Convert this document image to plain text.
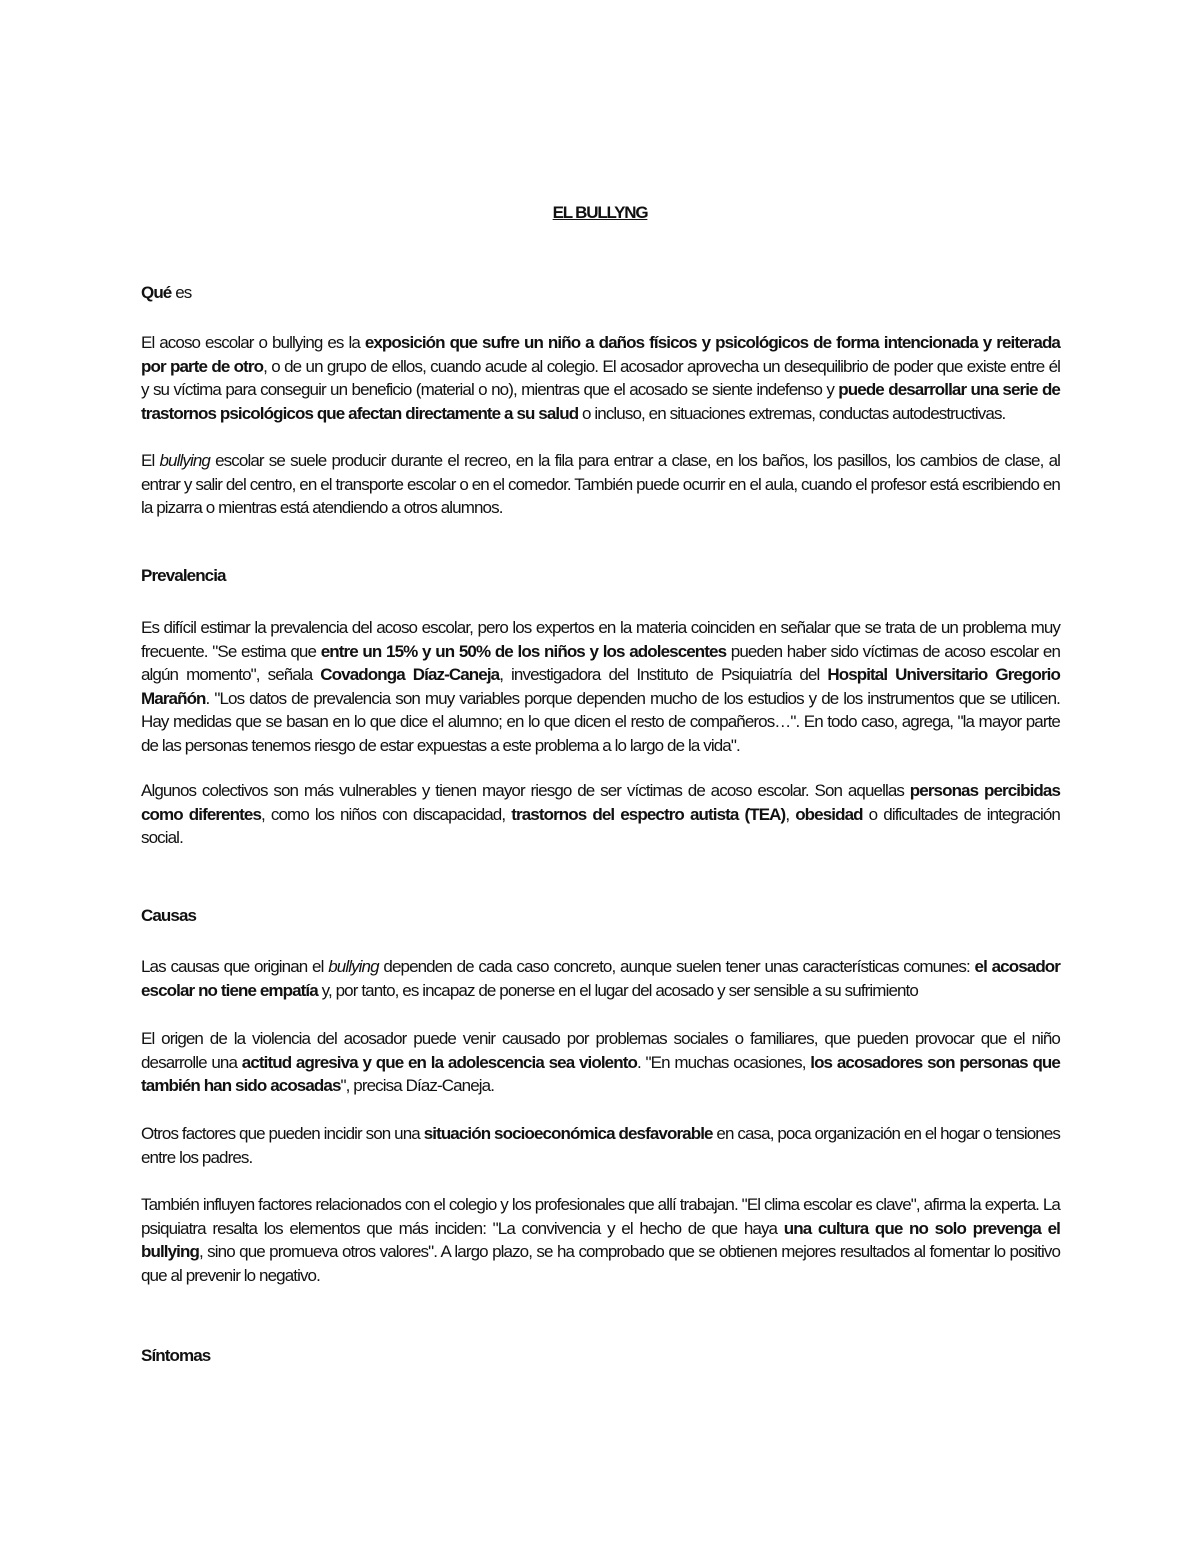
EL BULLYNG

Qué es
El acoso escolar o bullying es la exposición que sufre un niño a daños físicos y psicológicos de forma intencionada y reiterada por parte de otro, o de un grupo de ellos, cuando acude al colegio. El acosador aprovecha un desequilibrio de poder que existe entre él y su víctima para conseguir un beneficio (material o no), mientras que el acosado se siente indefenso y puede desarrollar una serie de trastornos psicológicos que afectan directamente a su salud o incluso, en situaciones extremas, conductas autodestructivas.
El bullying escolar se suele producir durante el recreo, en la fila para entrar a clase, en los baños, los pasillos, los cambios de clase, al entrar y salir del centro, en el transporte escolar o en el comedor. También puede ocurrir en el aula, cuando el profesor está escribiendo en la pizarra o mientras está atendiendo a otros alumnos.
Prevalencia
Es difícil estimar la prevalencia del acoso escolar, pero los expertos en la materia coinciden en señalar que se trata de un problema muy frecuente. "Se estima que entre un 15% y un 50% de los niños y los adolescentes pueden haber sido víctimas de acoso escolar en algún momento", señala Covadonga Díaz-Caneja, investigadora del Instituto de Psiquiatría del Hospital Universitario Gregorio Marañón. "Los datos de prevalencia son muy variables porque dependen mucho de los estudios y de los instrumentos que se utilicen. Hay medidas que se basan en lo que dice el alumno; en lo que dicen el resto de compañeros…". En todo caso, agrega, "la mayor parte de las personas tenemos riesgo de estar expuestas a este problema a lo largo de la vida".
Algunos colectivos son más vulnerables y tienen mayor riesgo de ser víctimas de acoso escolar. Son aquellas personas percibidas como diferentes, como los niños con discapacidad, trastornos del espectro autista (TEA), obesidad o dificultades de integración social.
Causas
Las causas que originan el bullying dependen de cada caso concreto, aunque suelen tener unas características comunes: el acosador escolar no tiene empatía y, por tanto, es incapaz de ponerse en el lugar del acosado y ser sensible a su sufrimiento
El origen de la violencia del acosador puede venir causado por problemas sociales o familiares, que pueden provocar que el niño desarrolle una actitud agresiva y que en la adolescencia sea violento. "En muchas ocasiones, los acosadores son personas que también han sido acosadas", precisa Díaz-Caneja.
Otros factores que pueden incidir son una situación socioeconómica desfavorable en casa, poca organización en el hogar o tensiones entre los padres.
También influyen factores relacionados con el colegio y los profesionales que allí trabajan. "El clima escolar es clave", afirma la experta. La psiquiatra resalta los elementos que más inciden: "La convivencia y el hecho de que haya una cultura que no solo prevenga el bullying, sino que promueva otros valores". A largo plazo, se ha comprobado que se obtienen mejores resultados al fomentar lo positivo que al prevenir lo negativo.
Síntomas
